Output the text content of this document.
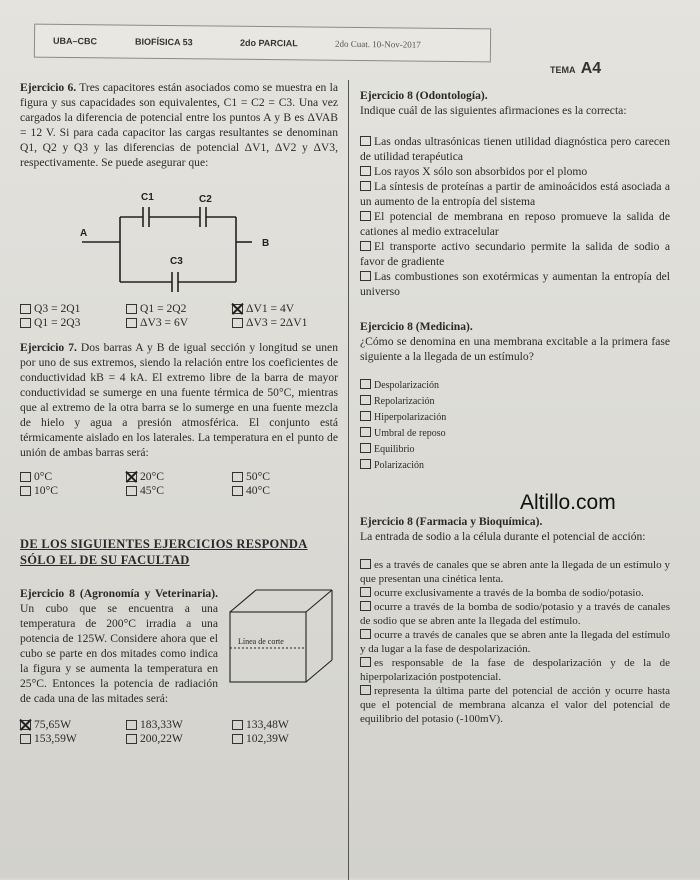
UBA–CBC	BIOFÍSICA 53	2do PARCIAL	2do Cuat. 10-Nov-2017
TEMA A4

Ejercicio 6. Tres capacitores están asociados como se muestra en la figura y sus capacidades son equivalentes, C1 = C2 = C3. Una vez cargados la diferencia de potencial entre los puntos A y B es ΔVAB = 12 V. Si para cada capacitor las cargas resultantes se denominan Q1, Q2 y Q3 y las diferencias de potencial ΔV1, ΔV2 y ΔV3, respectivamente. Se puede asegurar que:

A
B
C1	C2
C3
Q3 = 2Q1	Q1 = 2Q2	ΔV1 = 4V
Q1 = 2Q3	ΔV3 = 6V	ΔV3 = 2ΔV1

Ejercicio 7. Dos barras A y B de igual sección y longitud se unen por uno de sus extremos, siendo la relación entre los coeficientes de conductividad kB = 4 kA. El extremo libre de la barra de mayor conductividad se sumerge en una fuente térmica de 50°C, mientras que al extremo de la otra barra se lo sumerge en una fuente mezcla de hielo y agua a presión atmosférica. El conjunto está térmicamente aislado en los laterales. La temperatura en el punto de unión de ambas barras será:

0°C	20°C	50°C
10°C	45°C	40°C
DE LOS SIGUIENTES EJERCICIOS RESPONDA
SÓLO EL DE SU FACULTAD
Línea de corte

Ejercicio 8 (Agronomía y Veterinaria). Un cubo que se encuentra a una temperatura de 200°C irradia a una potencia de 125W. Considere ahora que el cubo se parte en dos mitades como indica la figura y se aumenta la temperatura en 25°C. Entonces la potencia de radiación de cada una de las mitades será:

75,65W	183,33W	133,48W
153,59W	200,22W	102,39W

Ejercicio 8 (Odontología).
Indique cuál de las siguientes afirmaciones es la correcta:

Las ondas ultrasónicas tienen utilidad diagnóstica pero carecen de utilidad terapéutica
Los rayos X sólo son absorbidos por el plomo
La síntesis de proteínas a partir de aminoácidos está asociada a un aumento de la entropía del sistema
El potencial de membrana en reposo promueve la salida de cationes al medio extracelular
El transporte activo secundario permite la salida de sodio a favor de gradiente
Las combustiones son exotérmicas y aumentan la entropía del universo

Ejercicio 8 (Medicina).
¿Cómo se denomina en una membrana excitable a la primera fase siguiente a la llegada de un estímulo?

Despolarización
Repolarización
Hiperpolarización
Umbral de reposo
Equilibrio
Polarización

Ejercicio 8 (Farmacia y Bioquímica).
La entrada de sodio a la célula durante el potencial de acción:

es a través de canales que se abren ante la llegada de un estímulo y que presentan una cinética lenta.
ocurre exclusivamente a través de la bomba de sodio/potasio.
ocurre a través de la bomba de sodio/potasio y a través de canales de sodio que se abren ante la llegada del estímulo.
ocurre a través de canales que se abren ante la llegada del estímulo y da lugar a la fase de despolarización.
es responsable de la fase de despolarización y de la de hiperpolarización postpotencial.
representa la última parte del potencial de acción y ocurre hasta que el potencial de membrana alcanza el valor del potencial de equilibrio del potasio (-100mV).
Altillo.com
